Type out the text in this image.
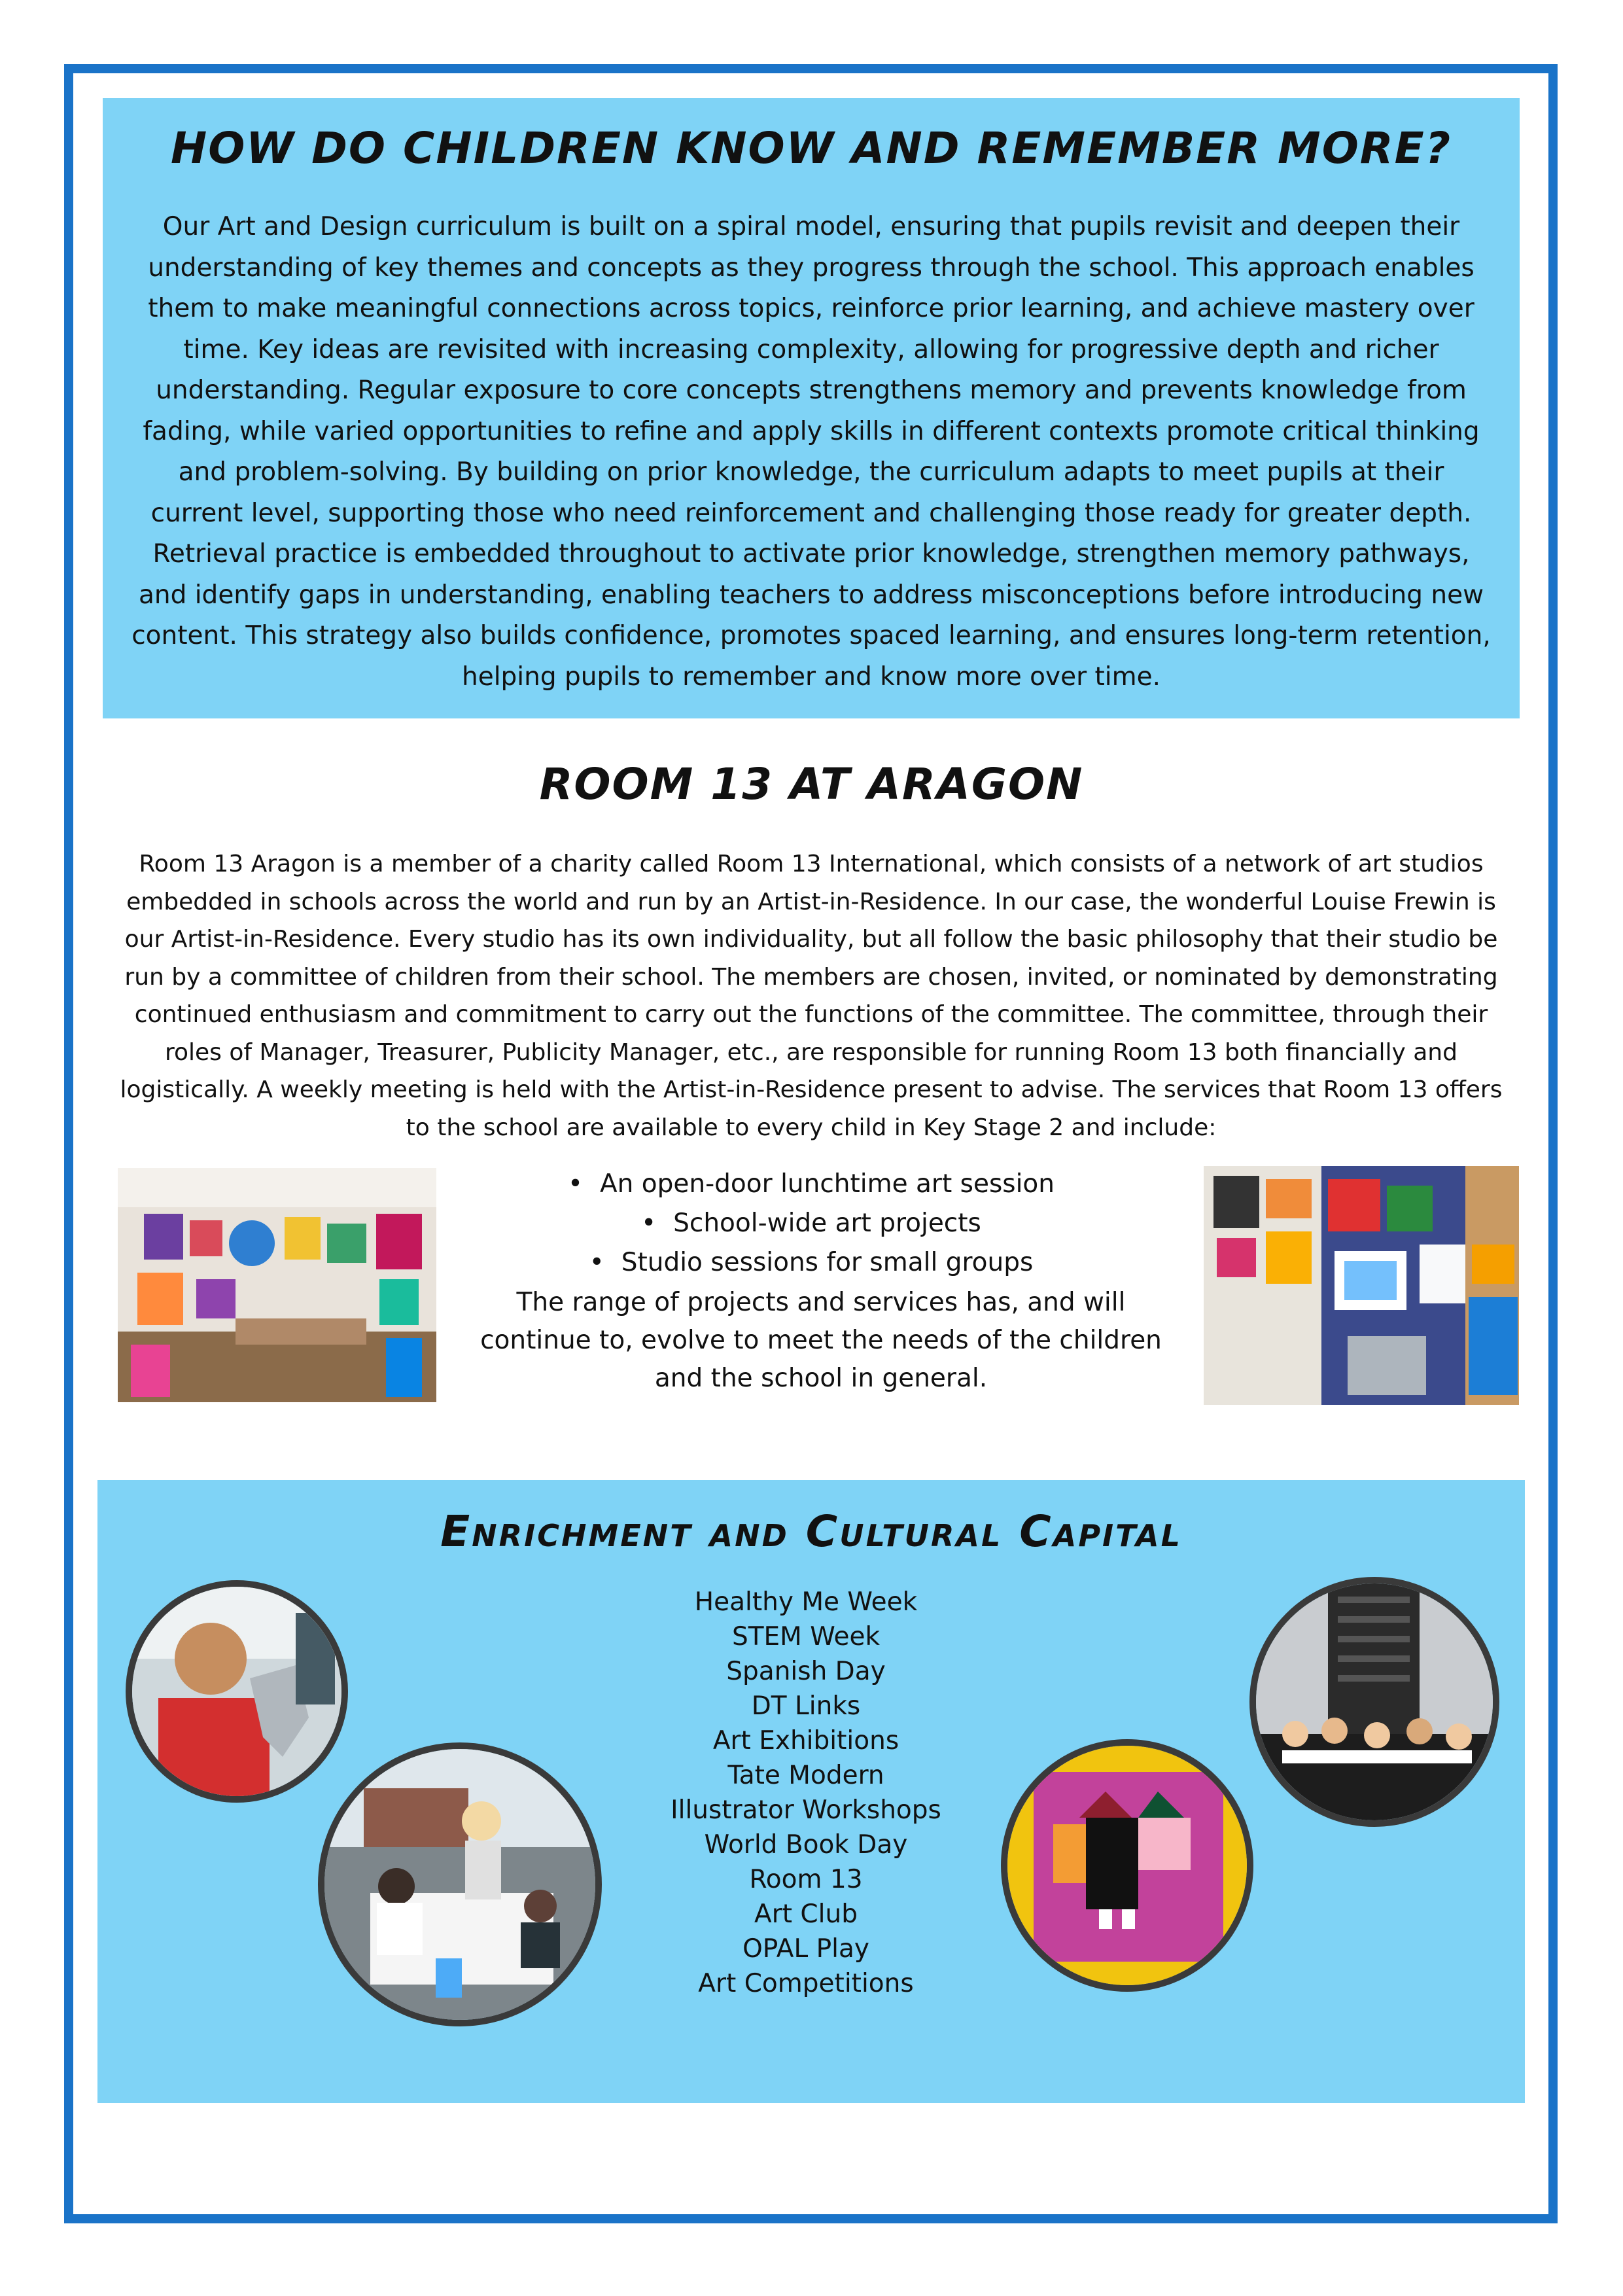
HOW DO CHILDREN KNOW AND REMEMBER MORE?

Our Art and Design curriculum is built on a spiral model, ensuring that pupils revisit and deepen their understanding of key themes and concepts as they progress through the school. This approach enables them to make meaningful connections across topics, reinforce prior learning, and achieve mastery over time. Key ideas are revisited with increasing complexity, allowing for progressive depth and richer understanding. Regular exposure to core concepts strengthens memory and prevents knowledge from fading, while varied opportunities to refine and apply skills in different contexts promote critical thinking and problem-solving. By building on prior knowledge, the curriculum adapts to meet pupils at their current level, supporting those who need reinforcement and challenging those ready for greater depth. Retrieval practice is embedded throughout to activate prior knowledge, strengthen memory pathways, and identify gaps in understanding, enabling teachers to address misconceptions before introducing new content. This strategy also builds confidence, promotes spaced learning, and ensures long-term retention, helping pupils to remember and know more over time.

ROOM 13 AT ARAGON

Room 13 Aragon is a member of a charity called Room 13 International, which consists of a network of art studios embedded in schools across the world and run by an Artist-in-Residence. In our case, the wonderful Louise Frewin is our Artist-in-Residence. Every studio has its own individuality, but all follow the basic philosophy that their studio be run by a committee of children from their school. The members are chosen, invited, or nominated by demonstrating continued enthusiasm and commitment to carry out the functions of the committee. The committee, through their roles of Manager, Treasurer, Publicity Manager, etc., are responsible for running Room 13 both financially and logistically. A weekly meeting is held with the Artist-in-Residence present to advise. The services that Room 13 offers to the school are available to every child in Key Stage 2 and include:

• An open-door lunchtime art session
• School-wide art projects
• Studio sessions for small groups

The range of projects and services has, and will continue to, evolve to meet the needs of the children and the school in general.

Enrichment and Cultural Capital
Healthy Me Week
STEM Week
Spanish Day
DT Links
Art Exhibitions
Tate Modern
Illustrator Workshops
World Book Day
Room 13
Art Club
OPAL Play
Art Competitions
